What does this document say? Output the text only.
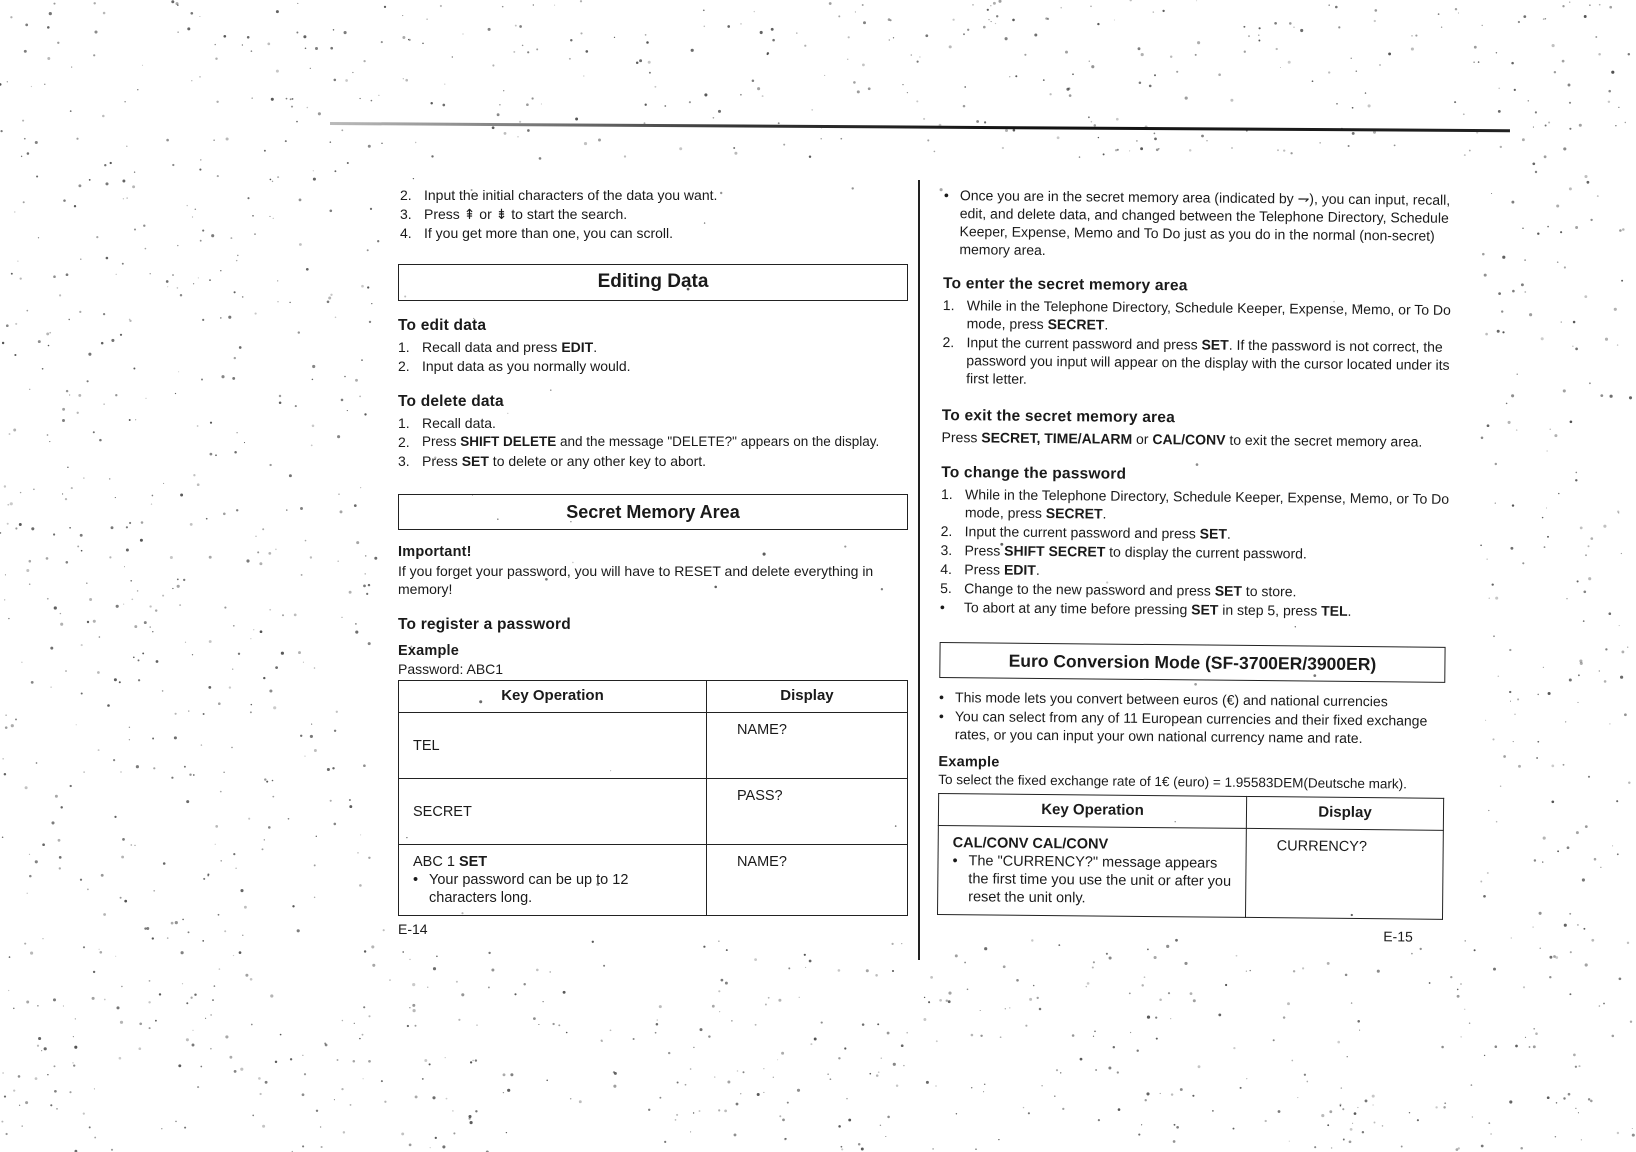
2. Input the initial characters of the data you want.
3. Press ⇞ or ⇟ to start the search.
4. If you get more than one, you can scroll.
Editing Data
To edit data
1. Recall data and press EDIT.
2. Input data as you normally would.
To delete data
1. Recall data.
2. Press SHIFT DELETE and the message "DELETE?" appears on the display.
3. Press SET to delete or any other key to abort.
Secret Memory Area
Important!
If you forget your password, you will have to RESET and delete everything in memory!
To register a password
Example
Password: ABC1
Key Operation	Display
TEL	NAME?
SECRET	PASS?
ABC 1 SET
• Your password can be up to 12 characters long.	NAME?
E-14
• Once you are in the secret memory area (indicated by ⇁), you can input, recall, edit, and delete data, and changed between the Telephone Directory, Schedule Keeper, Expense, Memo and To Do just as you do in the normal (non-secret) memory area.
To enter the secret memory area
1. While in the Telephone Directory, Schedule Keeper, Expense, Memo, or To Do mode, press SECRET.
2. Input the current password and press SET. If the password is not correct, the password you input will appear on the display with the cursor located under its first letter.
To exit the secret memory area
Press SECRET, TIME/ALARM or CAL/CONV to exit the secret memory area.
To change the password
1. While in the Telephone Directory, Schedule Keeper, Expense, Memo, or To Do mode, press SECRET.
2. Input the current password and press SET.
3. Press SHIFT SECRET to display the current password.
4. Press EDIT.
5. Change to the new password and press SET to store.
•	To abort at any time before pressing SET in step 5, press TEL.
Euro Conversion Mode (SF-3700ER/3900ER)
• This mode lets you convert between euros (€) and national currencies
• You can select from any of 11 European currencies and their fixed exchange rates, or you can input your own national currency name and rate.
Example
To select the fixed exchange rate of 1€ (euro) = 1.95583DEM(Deutsche mark).
Key Operation	Display
CAL/CONV CAL/CONV
• The "CURRENCY?" message appears the first time you use the unit or after you reset the unit only.	CURRENCY?
E-15
